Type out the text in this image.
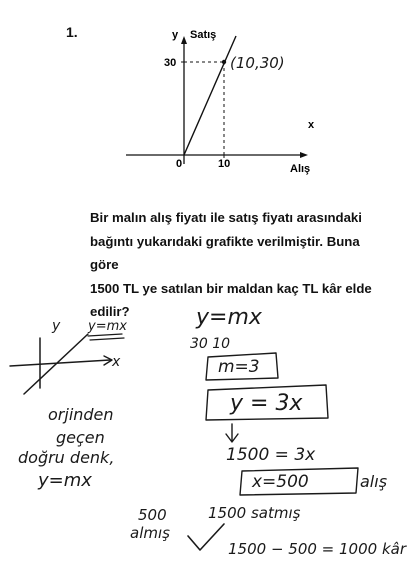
1.	y Satış
30
0	10
x
Alış
(10,30)

Bir malın alış fiyatı ile satış fiyatı arasındaki

bağıntı yukarıdaki grafikte verilmiştir. Buna göre

1500 TL ye satılan bir maldan kaç TL kâr elde

edilir?

y
x
y=mx
orjinden
geçen
doğru denk,
y=mx
y=mx
30 10
m=3
y = 3x
1500 = 3x
x=500	alış
500
almış
1500 satmış
1500 − 500 = 1000 kâr
